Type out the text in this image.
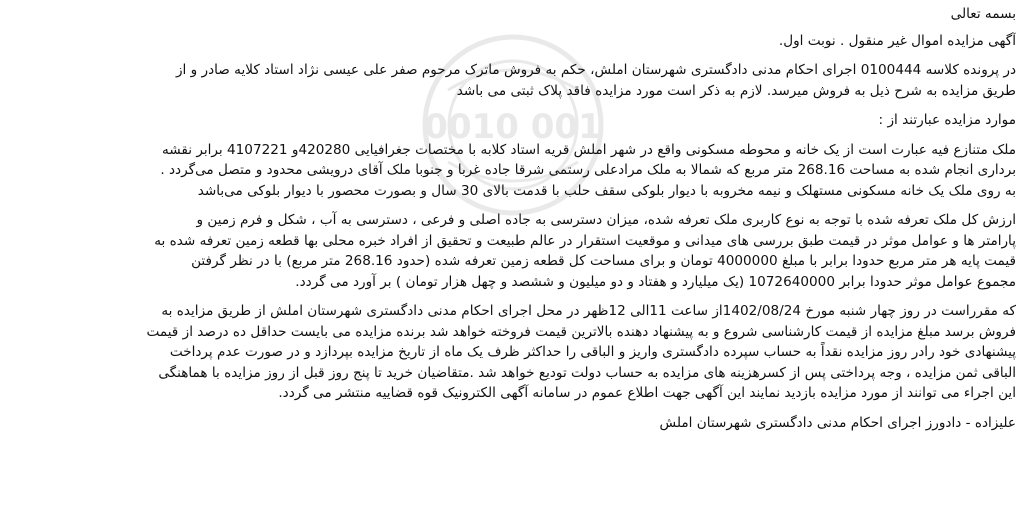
0010 001
بسمه تعالی
آگهی مزایده اموال غیر منقول . نوبت اول.
در پرونده کلاسه 0100444 اجرای احکام مدنی دادگستری شهرستان املش، حکم به فروش ماترک مرحوم صفر علی عیسی نژاد استاد کلایه صادر و از
طریق مزایده به شرح ذیل به فروش میرسد. لازم به ذکر است مورد مزایده فاقد پلاک ثبتی می باشد
موارد مزایده عبارتند از :
ملک متنازع فیه عبارت است از یک خانه و محوطه مسکونی واقع در شهر املش قریه استاد کلابه با مختصات جغرافیایی 420280و 4107221 برابر نقشه
برداری انجام شده به مساحت 268.16 متر مربع که شمالا به ملک مرادعلی رستمی شرقا جاده غربا و جنوبا ملک آقای درویشی محدود و متصل می‌گردد .
به روی ملک یک خانه مسکونی مستهلک و نیمه مخروبه با دیوار بلوکی سقف حلب با قدمت بالای 30 سال و بصورت محصور با دیوار بلوکی می‌باشد
ارزش کل ملک تعرفه شده با توجه به نوع کاربری ملک تعرفه شده، میزان دسترسی به جاده اصلی و فرعی ، دسترسی به آب ، شکل و فرم زمین و
پارامتر ها و عوامل موثر در قیمت طبق بررسی های میدانی و موقعیت استقرار در عالم طبیعت و تحقیق از افراد خبره محلی بها قطعه زمین تعرفه شده به
قیمت پایه هر متر مربع حدودا برابر با مبلغ 4000000 تومان و برای مساحت کل قطعه زمین تعرفه شده (حدود 268.16 متر مربع) با در نظر گرفتن
مجموع عوامل موثر حدودا برابر 1072640000 (یک میلیارد و هفتاد و دو میلیون و ششصد و چهل هزار تومان ) بر آورد می گردد.
که مقرراست در روز چهار شنبه مورخ 1402/08/24از ساعت 11الی 12ظهر در محل اجرای احکام مدنی دادگستری شهرستان املش از طریق مزایده به
فروش برسد مبلغ مزایده از قیمت کارشناسی شروع و به پیشنهاد دهنده بالاترین قیمت فروخته خواهد شد برنده مزایده می بایست حداقل ده درصد از قیمت
پیشنهادی خود رادر روز مزایده نقداً به حساب سپرده دادگستری واریز و الباقی را حداکثر ظرف یک ماه از تاریخ مزایده بپردازد و در صورت عدم پرداخت
الباقی ثمن مزایده ، وجه پرداختی پس از کسرهزینه های مزایده به حساب دولت توديع خواهد شد .متقاضیان خرید تا پنج روز قبل از روز مزایده با هماهنگی
این اجراء می توانند از مورد مزایده بازدید نمایند این آگهی جهت اطلاع عموم در سامانه آگهی الکترونیک قوه قضاییه منتشر می گردد.
علیزاده - دادورز اجرای احکام مدنی دادگستری شهرستان املش
